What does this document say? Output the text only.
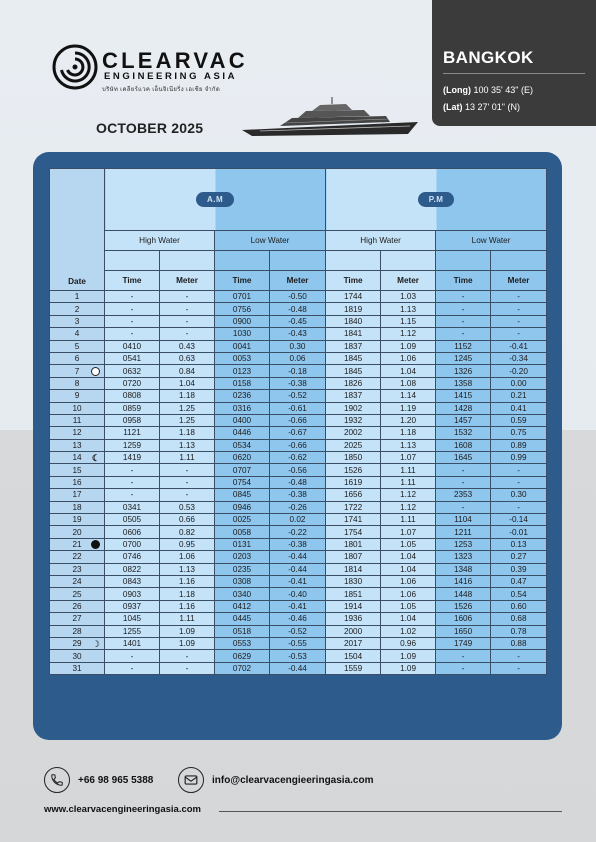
CLEARVAC
ENGINEERING ASIA
บริษัท เคลียร์แวค เอ็นจิเนียริ่ง เอเชีย จำกัด
OCTOBER 2025
BANGKOK
(Long) 100 35' 43" (E)
(Lat) 13 27' 01" (N)
Date	A.M				P.M			
	High Water		Low Water		High Water		Low Water	

	Time	Meter	Time	Meter	Time	Meter	Time	Meter
1	-	-	0701	-0.50	1744	1.03	-	-
2	-	-	0756	-0.48	1819	1.13	-	-
3	-	-	0900	-0.45	1840	1.15	-	-
4	-	-	1030	-0.43	1841	1.12	-	-
5	0410	0.43	0041	0.30	1837	1.09	1152	-0.41
6	0541	0.63	0053	0.06	1845	1.06	1245	-0.34
7	0632	0.84	0123	-0.18	1845	1.04	1326	-0.20
8	0720	1.04	0158	-0.38	1826	1.08	1358	0.00
9	0808	1.18	0236	-0.52	1837	1.14	1415	0.21
10	0859	1.25	0316	-0.61	1902	1.19	1428	0.41
11	0958	1.25	0400	-0.66	1932	1.20	1457	0.59
12	1121	1.18	0446	-0.67	2002	1.18	1532	0.75
13	1259	1.13	0534	-0.66	2025	1.13	1608	0.89
14 ☾	1419	1.11	0620	-0.62	1850	1.07	1645	0.99
15	-	-	0707	-0.56	1526	1.11	-	-
16	-	-	0754	-0.48	1619	1.11	-	-
17	-	-	0845	-0.38	1656	1.12	2353	0.30
18	0341	0.53	0946	-0.26	1722	1.12	-	-
19	0505	0.66	0025	0.02	1741	1.11	1104	-0.14
20	0606	0.82	0058	-0.22	1754	1.07	1211	-0.01
21	0700	0.95	0131	-0.38	1801	1.05	1253	0.13
22	0746	1.06	0203	-0.44	1807	1.04	1323	0.27
23	0822	1.13	0235	-0.44	1814	1.04	1348	0.39
24	0843	1.16	0308	-0.41	1830	1.06	1416	0.47
25	0903	1.18	0340	-0.40	1851	1.06	1448	0.54
26	0937	1.16	0412	-0.41	1914	1.05	1526	0.60
27	1045	1.11	0445	-0.46	1936	1.04	1606	0.68
28	1255	1.09	0518	-0.52	2000	1.02	1650	0.78
29 ☽	1401	1.09	0553	-0.55	2017	0.96	1749	0.88
30	-	-	0629	-0.53	1504	1.09	-	-
31	-	-	0702	-0.44	1559	1.09	-	-
+66 98 965 5388	info@clearvacengieeringasia.com
www.clearvacengineeringasia.com
